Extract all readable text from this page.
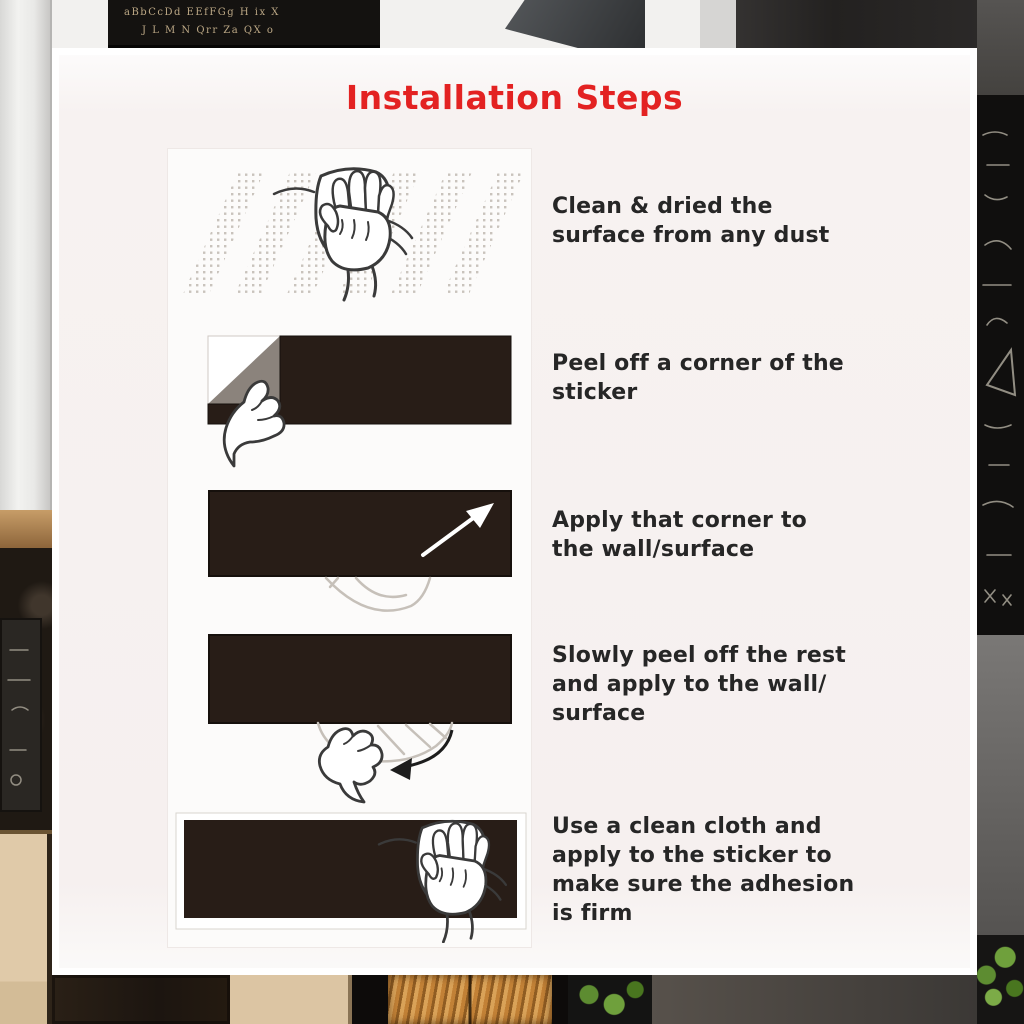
aBbCcDd EEfFGg H ix X
J L M N Qrr Za QX o
Installation Steps
Clean & dried the
surface from any dust
Peel off a corner of the
sticker
Apply that corner to
the wall/surface
Slowly peel off the rest
and apply to the wall/
surface
Use a clean cloth and
apply to the sticker to
make sure the adhesion
is firm
